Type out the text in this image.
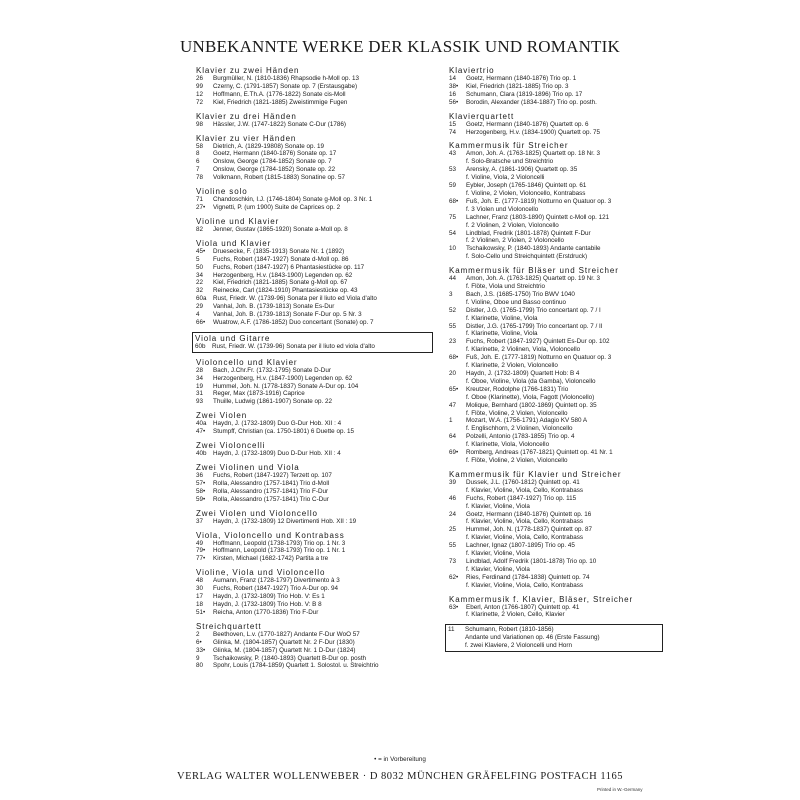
UNBEKANNTE WERKE DER KLASSIK UND ROMANTIK
Klavier zu zwei Händen
26	Burgmüller, N. (1810-1836) Rhapsodie h-Moll op. 13
99	Czerny, C. (1791-1857) Sonate op. 7 (Erstausgabe)
12	Hoffmann, E.Th.A. (1776-1822) Sonate cis-Moll
72	Kiel, Friedrich (1821-1885) Zweistimmige Fugen
Klavier zu drei Händen
98	Hässler, J.W. (1747-1822) Sonate C-Dur (1786)
Klavier zu vier Händen
58	Dietrich, A. (1829-19808) Sonate op. 19
8	Goetz, Hermann (1840-1876) Sonate op. 17
6	Onslow, George (1784-1852) Sonate op. 7
7	Onslow, George (1784-1852) Sonate op. 22
78	Volkmann, Robert (1815-1883) Sonatine op. 57
Violine solo
71	Chandoschkin, I.J. (1746-1804) Sonate g-Moll op. 3 Nr. 1
27•	Vignetti, P. (um 1900) Suite de Caprices op. 2
Violine und Klavier
82	Jenner, Gustav (1865-1920) Sonate a-Moll op. 8
Viola und Klavier
45•	Druesecke, F. (1835-1913) Sonate Nr. 1 (1892)
5	Fuchs, Robert (1847-1927) Sonate d-Moll op. 86
50	Fuchs, Robert (1847-1927) 6 Phantasiestücke op. 117
34	Herzogenberg, H.v. (1843-1900) Legenden op. 62
22	Kiel, Friedrich (1821-1885) Sonate g-Moll op. 67
32	Reinecke, Carl (1824-1910) Phantasiestücke op. 43
60a	Rust, Friedr. W. (1739-96) Sonata per il liuto ed Viola d'alto
29	Vanhal, Joh. B. (1739-1813) Sonate Es-Dur
4	Vanhal, Joh. B. (1739-1813) Sonate F-Dur op. 5 Nr. 3
66•	Wuatrow, A.F. (1786-1852) Duo concertant (Sonate) op. 7
Viola und Gitarre
60b	Rust, Friedr. W. (1739-96) Sonata per il liuto ed viola d'alto
Violoncello und Klavier
28	Bach, J.Chr.Fr. (1732-1795) Sonate D-Dur
34	Herzogenberg, H.v. (1847-1900) Legenden op. 62
19	Hummel, Joh. N. (1778-1837) Sonate A-Dur op. 104
31	Reger, Max (1873-1916) Caprice
93	Thuille, Ludwig (1861-1907) Sonate op. 22
Zwei Violen
40a	Haydn, J. (1732-1809) Duo G-Dur Hob. XII : 4
47•	Stumpff, Christian (ca. 1750-1801) 6 Duette op. 15
Zwei Violoncelli
40b	Haydn, J. (1732-1809) Duo D-Dur Hob. XII : 4
Zwei Violinen und Viola
36	Fuchs, Robert (1847-1927) Terzett op. 107
57•	Rolla, Alessandro (1757-1841) Trio d-Moll
58•	Rolla, Alessandro (1757-1841) Trio F-Dur
59•	Rolla, Alessandro (1757-1841) Trio C-Dur
Zwei Violen und Violoncello
37	Haydn, J. (1732-1809) 12 Divertimenti Hob. XII : 19
Viola, Violoncello und Kontrabass
49	Hoffmann, Leopold (1738-1793) Trio op. 1 Nr. 3
79•	Hoffmann, Leopold (1738-1793) Trio op. 1 Nr. 1
77•	Kirsten, Michael (1682-1742) Partita a tre
Violine, Viola und Violoncello
48	Aumann, Franz (1728-1797) Divertimento à 3
30	Fuchs, Robert (1847-1927) Trio A-Dur op. 94
17	Haydn, J. (1732-1809) Trio Hob. V: Es 1
18	Haydn, J. (1732-1809) Trio Hob. V: B 8
51•	Reicha, Anton (1770-1836) Trio F-Dur
Streichquartett
2	Beethoven, L.v. (1770-1827) Andante F-Dur WoO 57
6•	Glinka, M. (1804-1857) Quartett Nr. 2 F-Dur (1830)
33•	Glinka, M. (1804-1857) Quartett Nr. 1 D-Dur (1824)
9	Tschaikowsky, P. (1840-1893) Quartett B-Dur op. posth
80	Spohr, Louis (1784-1859) Quartett 1. Solostol. u. Streichtrio
Klaviertrio
14	Goetz, Hermann (1840-1876) Trio op. 1
38•	Kiel, Friedrich (1821-1885) Trio op. 3
16	Schumann, Clara (1819-1896) Trio op. 17
56•	Borodin, Alexander (1834-1887) Trio op. posth.
Klavierquartett
15	Goetz, Hermann (1840-1876) Quartett op. 6
74	Herzogenberg, H.v. (1834-1900) Quartett op. 75
Kammermusik für Streicher
43	Amon, Joh. A. (1763-1825) Quartett op. 18 Nr. 3
f. Solo-Bratsche und Streichtrio
53	Arensky, A. (1861-1906) Quartett op. 35
f. Violine, Viola, 2 Violoncelli
59	Eybler, Joseph (1765-1846) Quintett op. 61
f. Violine, 2 Violen, Violoncello, Kontrabass
68•	Fuß, Joh. E. (1777-1819) Notturno en Quatuor op. 3
f. 3 Violen und Violoncello
75	Lachner, Franz (1803-1890) Quintett c-Moll op. 121
f. 2 Violinen, 2 Violen, Violoncello
54	Lindblad, Fredrik (1801-1878) Quintett F-Dur
f. 2 Violinen, 2 Violen, 2 Violoncello
10	Tschaikowsky, P. (1840-1893) Andante cantabile
f. Solo-Cello und Streichquintett (Erstdruck)
Kammermusik für Bläser und Streicher
44	Amon, Joh. A. (1763-1825) Quartett op. 19 Nr. 3
f. Flöte, Viola und Streichtrio
3	Bach, J.S. (1685-1750) Trio BWV 1040
f. Violine, Oboe und Basso continuo
52	Distler, J.G. (1765-1799) Trio concertant op. 7 / I
f. Klarinette, Violine, Viola
55	Distler, J.G. (1765-1799) Trio concertant op. 7 / II
f. Klarinette, Violine, Viola
23	Fuchs, Robert (1847-1927) Quintett Es-Dur op. 102
f. Klarinette, 2 Violinen, Viola, Violoncello
68•	Fuß, Joh. E. (1777-1819) Notturno en Quatuor op. 3
f. Klarinette, 2 Violen, Violoncello
20	Haydn, J. (1732-1809) Quartett Hob: B 4
f. Oboe, Violine, Viola (da Gamba), Violoncello
65•	Kreutzer, Rodolphe (1766-1831) Trio
f. Oboe (Klarinette), Viola, Fagott (Violoncello)
47	Molique, Bernhard (1802-1869) Quintett op. 35
f. Flöte, Violine, 2 Violen, Violoncello
1	Mozart, W.A. (1756-1791) Adagio KV 580 A
f. Englischhorn, 2 Violinen, Violoncello
64	Polzelli, Antonio (1783-1855) Trio op. 4
f. Klarinette, Viola, Violoncello
69•	Romberg, Andreas (1767-1821) Quintett op. 41 Nr. 1
f. Flöte, Violine, 2 Violen, Violoncello
Kammermusik für Klavier und Streicher
39	Dussek, J.L. (1760-1812) Quintett op. 41
f. Klavier, Violine, Viola, Cello, Kontrabass
46	Fuchs, Robert (1847-1927) Trio op. 115
f. Klavier, Violine, Viola
24	Goetz, Hermann (1840-1876) Quintett op. 16
f. Klavier, Violine, Viola, Cello, Kontrabass
25	Hummel, Joh. N. (1778-1837) Quintett op. 87
f. Klavier, Violine, Viola, Cello, Kontrabass
55	Lachner, Ignaz (1807-1895) Trio op. 45
f. Klavier, Violine, Viola
73	Lindblad, Adolf Fredrik (1801-1878) Trio op. 10
f. Klavier, Violine, Viola
62•	Ries, Ferdinand (1784-1838) Quintett op. 74
f. Klavier, Violine, Viola, Cello, Kontrabass
Kammermusik f. Klavier, Bläser, Streicher
63•	Eberl, Anton (1766-1807) Quintett op. 41
f. Klarinette, 2 Violen, Cello, Klavier
11	Schumann, Robert (1810-1856)
Andante und Variationen op. 46 (Erste Fassung)
f. zwei Klaviere, 2 Violoncelli und Horn
• = in Vorbereitung
VERLAG WALTER WOLLENWEBER · D 8032 MÜNCHEN GRÄFELFING POSTFACH 1165
Printed in W.-Germany
